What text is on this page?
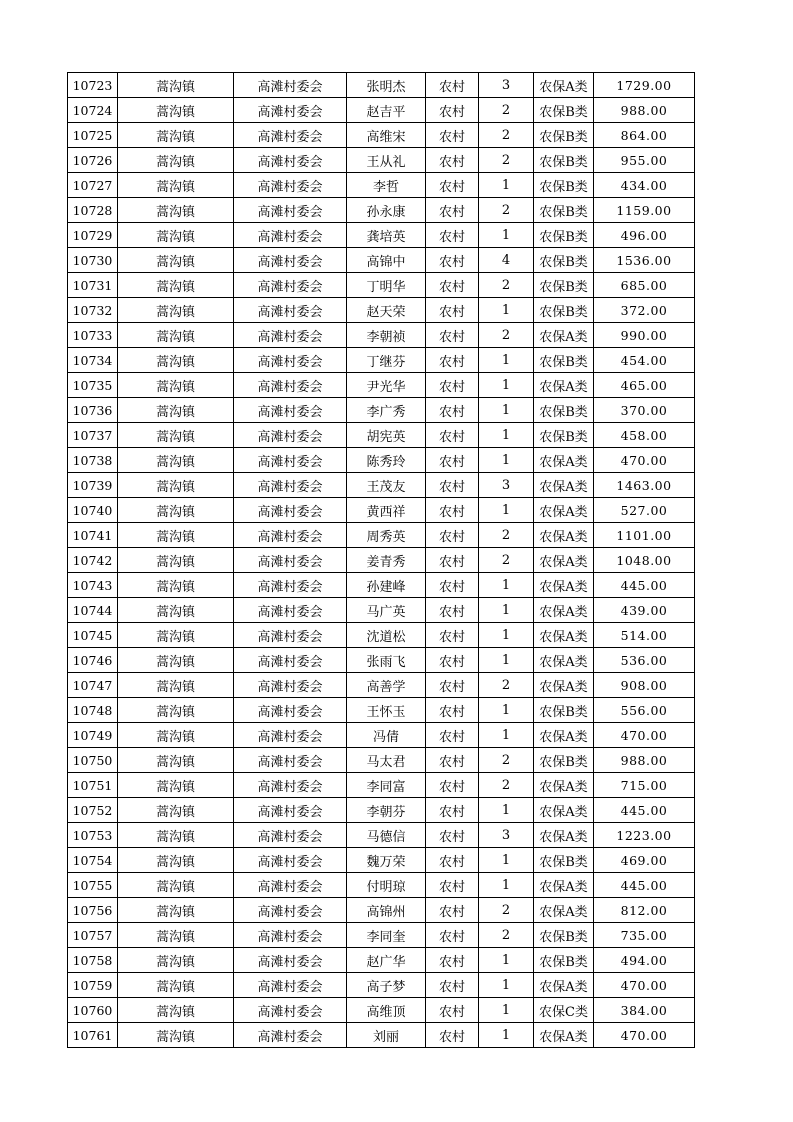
10723	蒿沟镇	高滩村委会	张明杰	农村	3	农保A类	1729.00
10724	蒿沟镇	高滩村委会	赵吉平	农村	2	农保B类	988.00
10725	蒿沟镇	高滩村委会	高维宋	农村	2	农保B类	864.00
10726	蒿沟镇	高滩村委会	王从礼	农村	2	农保B类	955.00
10727	蒿沟镇	高滩村委会	李哲	农村	1	农保B类	434.00
10728	蒿沟镇	高滩村委会	孙永康	农村	2	农保B类	1159.00
10729	蒿沟镇	高滩村委会	龚培英	农村	1	农保B类	496.00
10730	蒿沟镇	高滩村委会	高锦中	农村	4	农保B类	1536.00
10731	蒿沟镇	高滩村委会	丁明华	农村	2	农保B类	685.00
10732	蒿沟镇	高滩村委会	赵天荣	农村	1	农保B类	372.00
10733	蒿沟镇	高滩村委会	李朝祯	农村	2	农保A类	990.00
10734	蒿沟镇	高滩村委会	丁继芬	农村	1	农保B类	454.00
10735	蒿沟镇	高滩村委会	尹光华	农村	1	农保A类	465.00
10736	蒿沟镇	高滩村委会	李广秀	农村	1	农保B类	370.00
10737	蒿沟镇	高滩村委会	胡宪英	农村	1	农保B类	458.00
10738	蒿沟镇	高滩村委会	陈秀玲	农村	1	农保A类	470.00
10739	蒿沟镇	高滩村委会	王茂友	农村	3	农保A类	1463.00
10740	蒿沟镇	高滩村委会	黄西祥	农村	1	农保A类	527.00
10741	蒿沟镇	高滩村委会	周秀英	农村	2	农保A类	1101.00
10742	蒿沟镇	高滩村委会	姜青秀	农村	2	农保A类	1048.00
10743	蒿沟镇	高滩村委会	孙建峰	农村	1	农保A类	445.00
10744	蒿沟镇	高滩村委会	马广英	农村	1	农保A类	439.00
10745	蒿沟镇	高滩村委会	沈道松	农村	1	农保A类	514.00
10746	蒿沟镇	高滩村委会	张雨飞	农村	1	农保A类	536.00
10747	蒿沟镇	高滩村委会	高善学	农村	2	农保A类	908.00
10748	蒿沟镇	高滩村委会	王怀玉	农村	1	农保B类	556.00
10749	蒿沟镇	高滩村委会	冯倩	农村	1	农保A类	470.00
10750	蒿沟镇	高滩村委会	马太君	农村	2	农保B类	988.00
10751	蒿沟镇	高滩村委会	李同富	农村	2	农保A类	715.00
10752	蒿沟镇	高滩村委会	李朝芬	农村	1	农保A类	445.00
10753	蒿沟镇	高滩村委会	马德信	农村	3	农保A类	1223.00
10754	蒿沟镇	高滩村委会	魏万荣	农村	1	农保B类	469.00
10755	蒿沟镇	高滩村委会	付明琼	农村	1	农保A类	445.00
10756	蒿沟镇	高滩村委会	高锦州	农村	2	农保A类	812.00
10757	蒿沟镇	高滩村委会	李同奎	农村	2	农保B类	735.00
10758	蒿沟镇	高滩村委会	赵广华	农村	1	农保B类	494.00
10759	蒿沟镇	高滩村委会	高子梦	农村	1	农保A类	470.00
10760	蒿沟镇	高滩村委会	高维顶	农村	1	农保C类	384.00
10761	蒿沟镇	高滩村委会	刘丽	农村	1	农保A类	470.00
